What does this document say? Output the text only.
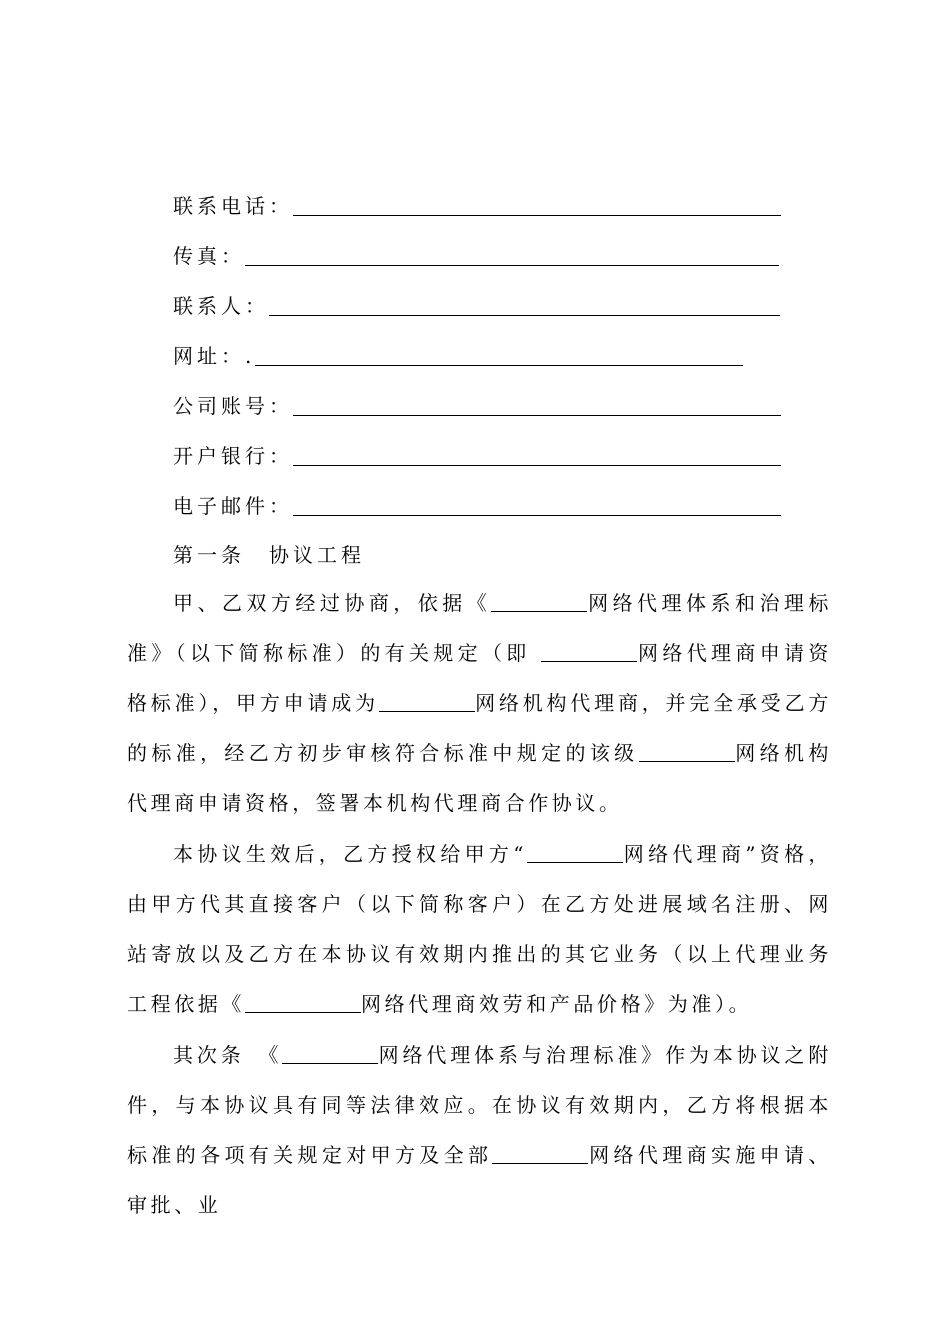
联系电话：
传真：
联系人：
网址：.
公司账号：
开户银行：
电子邮件：
第一条　协议工程

甲、乙双方经过协商，依据《	网络代理体系和治理标准》（以下简称标准）的有关规定（即	网络代理商申请资格标准），甲方申请成为	网络机构代理商，并完全承受乙方的标准，经乙方初步审核符合标准中规定的该级	网络机构代理商申请资格，签署本机构代理商合作协议。

本协议生效后，乙方授权给甲方“	网络代理商”资格，由甲方代其直接客户（以下简称客户）在乙方处进展域名注册、网站寄放以及乙方在本协议有效期内推出的其它业务（以上代理业务工程依据《	网络代理商效劳和产品价格》为准）。

其次条　《	网络代理体系与治理标准》作为本协议之附件，与本协议具有同等法律效应。在协议有效期内，乙方将根据本标准的各项有关规定对甲方及全部	网络代理商实施申请、审批、业
